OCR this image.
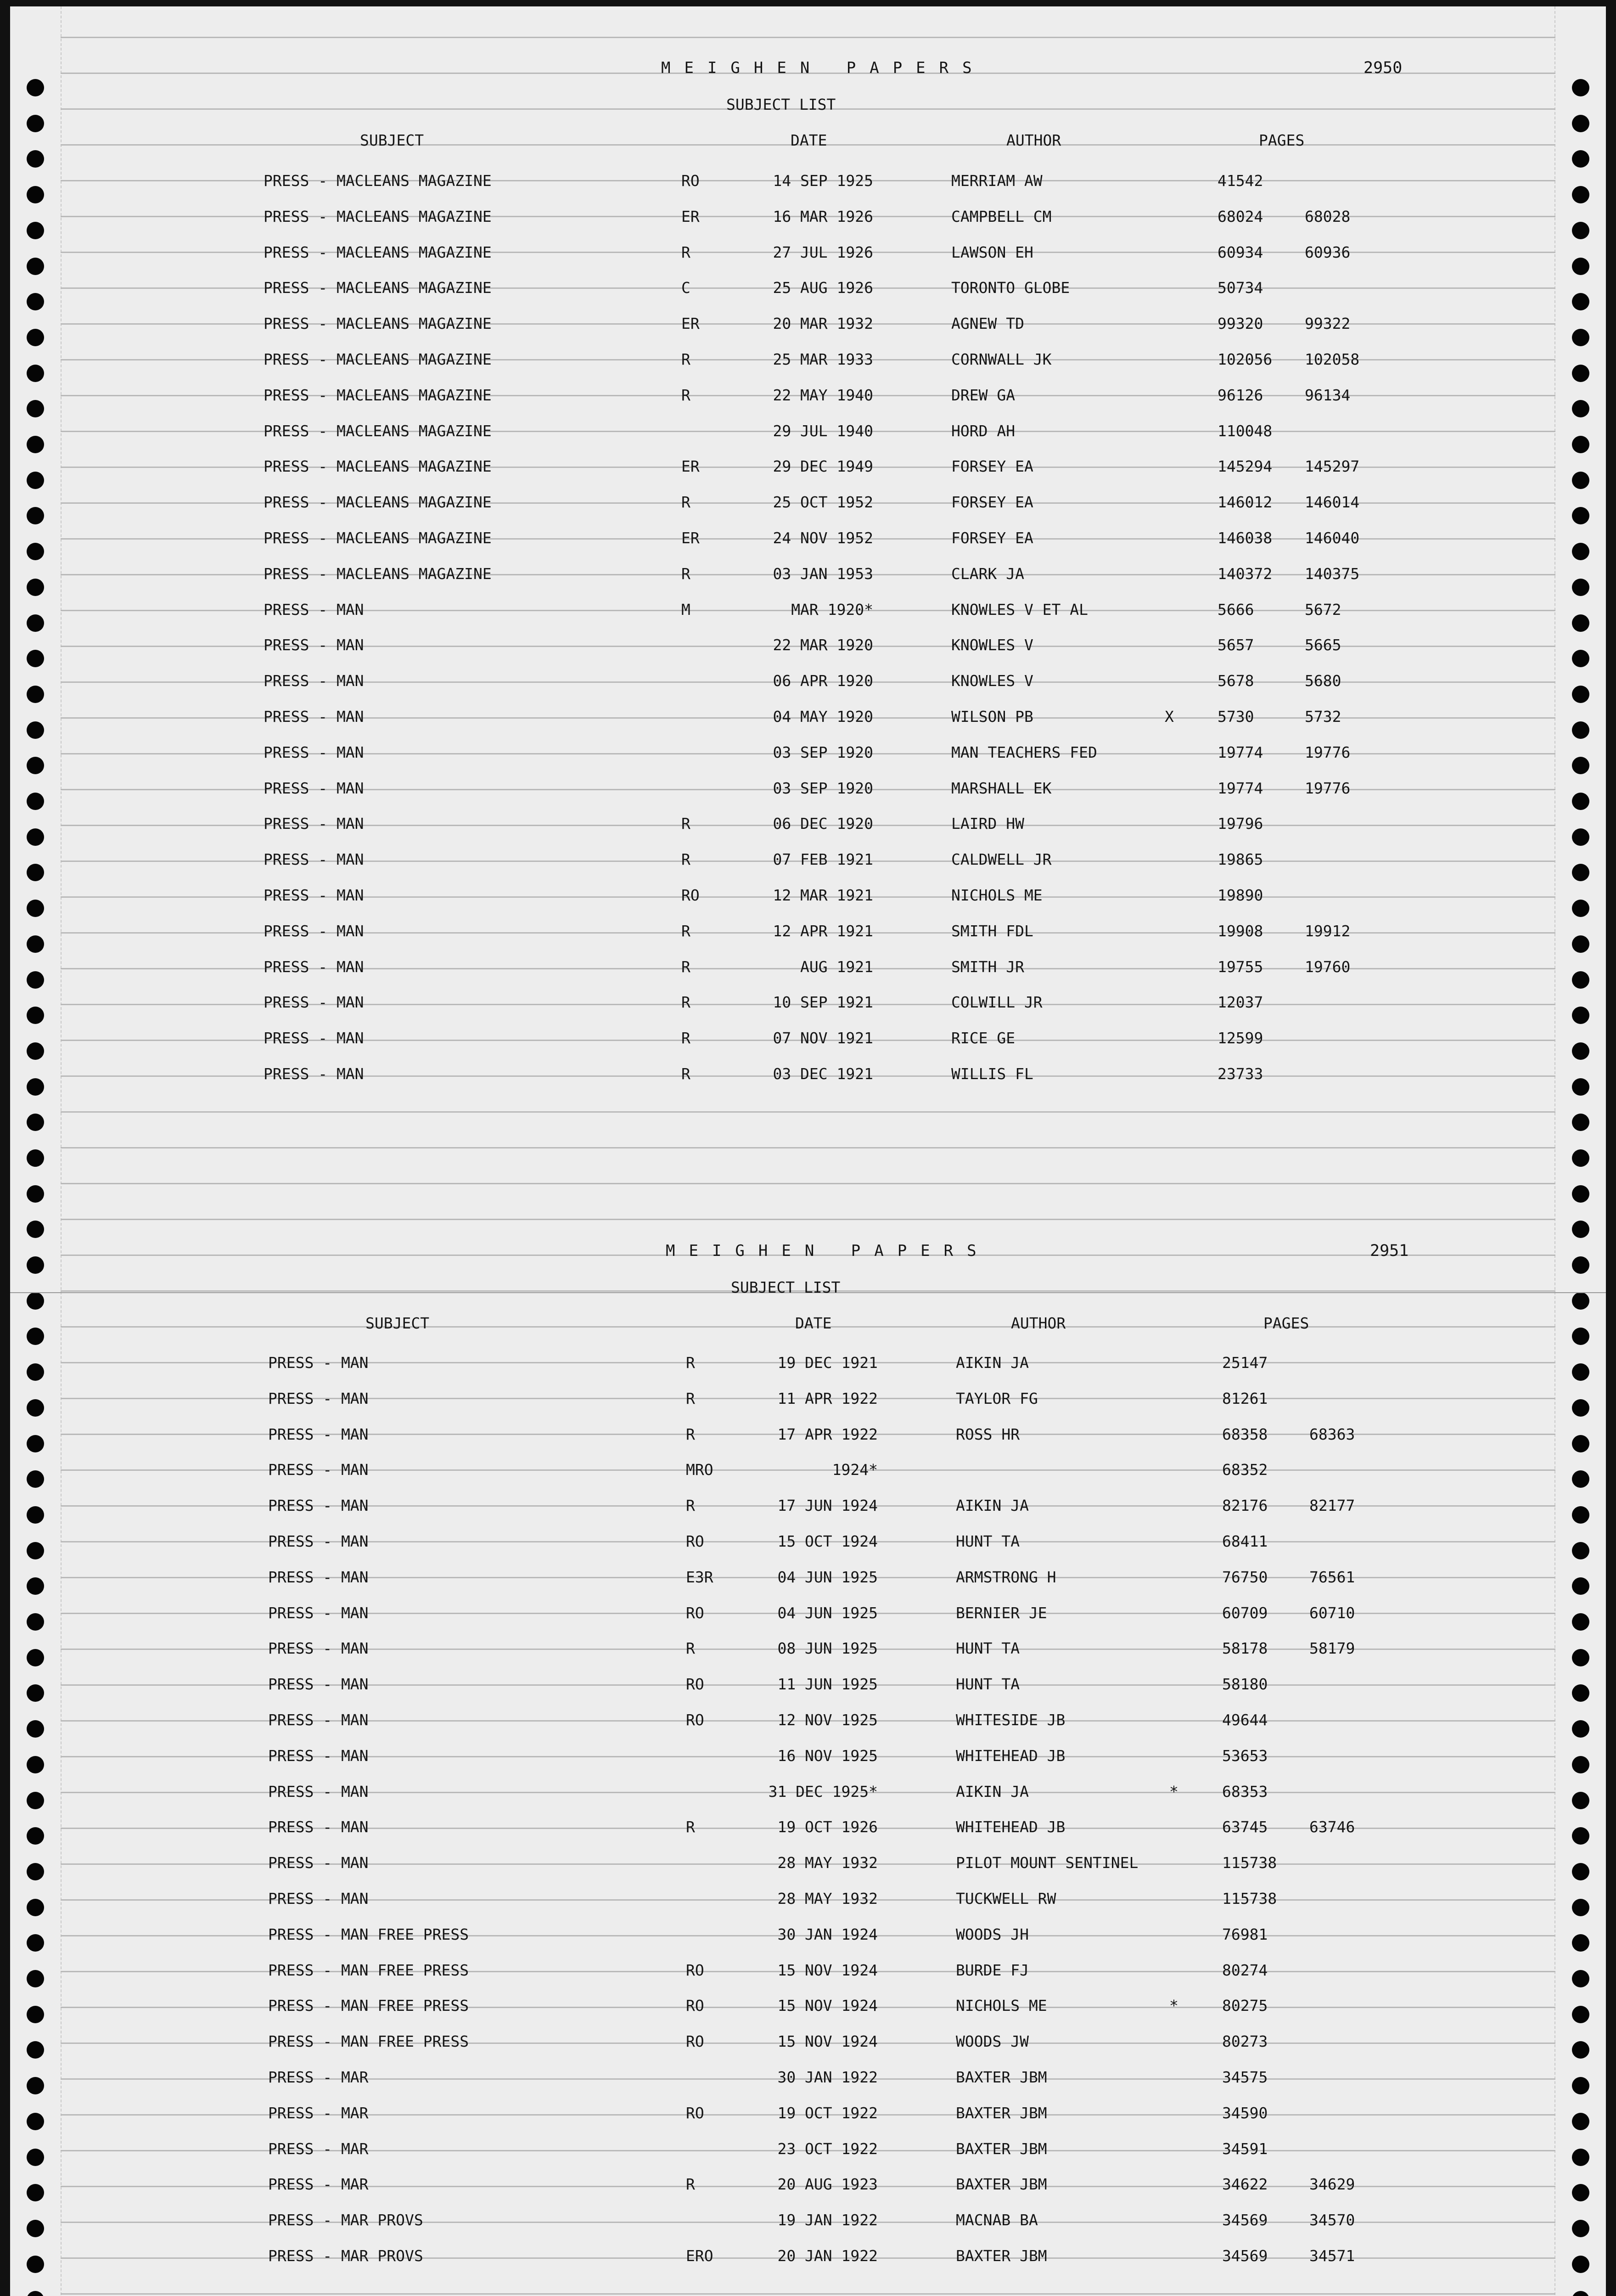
MEIGHEN PAPERS	2950
SUBJECT LIST
SUBJECT	DATE	AUTHOR	PAGES
PRESS - MACLEANS MAGAZINE	RO	14 SEP 1925	MERRIAM AW	41542
PRESS - MACLEANS MAGAZINE	ER	16 MAR 1926	CAMPBELL CM	68024	68028
PRESS - MACLEANS MAGAZINE	R	27 JUL 1926	LAWSON EH	60934	60936
PRESS - MACLEANS MAGAZINE	C	25 AUG 1926	TORONTO GLOBE	50734
PRESS - MACLEANS MAGAZINE	ER	20 MAR 1932	AGNEW TD	99320	99322
PRESS - MACLEANS MAGAZINE	R	25 MAR 1933	CORNWALL JK	102056 102058
PRESS - MACLEANS MAGAZINE	R	22 MAY 1940	DREW GA	96126	96134
PRESS - MACLEANS MAGAZINE	29 JUL 1940	HORD AH	110048
PRESS - MACLEANS MAGAZINE	ER	29 DEC 1949	FORSEY EA	145294 145297
PRESS - MACLEANS MAGAZINE	R	25 OCT 1952	FORSEY EA	146012 146014
PRESS - MACLEANS MAGAZINE	ER	24 NOV 1952	FORSEY EA	146038 146040
PRESS - MACLEANS MAGAZINE	R	03 JAN 1953	CLARK JA	140372 140375
PRESS - MAN	M	MAR 1920*	KNOWLES V ET AL	5666	5672
PRESS - MAN	22 MAR 1920	KNOWLES V	5657	5665
PRESS - MAN	06 APR 1920	KNOWLES V	5678	5680
PRESS - MAN	04 MAY 1920	WILSON PB	X	5730	5732
PRESS - MAN	03 SEP 1920	MAN TEACHERS FED	19774	19776
PRESS - MAN	03 SEP 1920	MARSHALL EK	19774	19776
PRESS - MAN	R	06 DEC 1920	LAIRD HW	19796
PRESS - MAN	R	07 FEB 1921	CALDWELL JR	19865
PRESS - MAN	RO	12 MAR 1921	NICHOLS ME	19890
PRESS - MAN	R	12 APR 1921	SMITH FDL	19908	19912
PRESS - MAN	R	AUG 1921	SMITH JR	19755	19760
PRESS - MAN	R	10 SEP 1921	COLWILL JR	12037
PRESS - MAN	R	07 NOV 1921	RICE GE	12599
PRESS - MAN	R	03 DEC 1921	WILLIS FL	23733
MEIGHEN PAPERS	2951
SUBJECT LIST
SUBJECT	DATE	AUTHOR	PAGES
PRESS - MAN	R	19 DEC 1921	AIKIN JA	25147
PRESS - MAN	R	11 APR 1922	TAYLOR FG	81261
PRESS - MAN	R	17 APR 1922	ROSS HR	68358	68363
PRESS - MAN	MRO	1924*	68352
PRESS - MAN	R	17 JUN 1924	AIKIN JA	82176	82177
PRESS - MAN	RO	15 OCT 1924	HUNT TA	68411
PRESS - MAN	E3R	04 JUN 1925	ARMSTRONG H	76750	76561
PRESS - MAN	RO	04 JUN 1925	BERNIER JE	60709	60710
PRESS - MAN	R	08 JUN 1925	HUNT TA	58178	58179
PRESS - MAN	RO	11 JUN 1925	HUNT TA	58180
PRESS - MAN	RO	12 NOV 1925	WHITESIDE JB	49644
PRESS - MAN	16 NOV 1925	WHITEHEAD JB	53653
PRESS - MAN	31 DEC 1925*	AIKIN JA	*	68353
PRESS - MAN	R	19 OCT 1926	WHITEHEAD JB	63745	63746
PRESS - MAN	28 MAY 1932	PILOT MOUNT SENTINEL	115738
PRESS - MAN	28 MAY 1932	TUCKWELL RW	115738
PRESS - MAN FREE PRESS	30 JAN 1924	WOODS JH	76981
PRESS - MAN FREE PRESS	RO	15 NOV 1924	BURDE FJ	80274
PRESS - MAN FREE PRESS	RO	15 NOV 1924	NICHOLS ME	*	80275
PRESS - MAN FREE PRESS	RO	15 NOV 1924	WOODS JW	80273
PRESS - MAR	30 JAN 1922	BAXTER JBM	34575
PRESS - MAR	RO	19 OCT 1922	BAXTER JBM	34590
PRESS - MAR	23 OCT 1922	BAXTER JBM	34591
PRESS - MAR	R	20 AUG 1923	BAXTER JBM	34622	34629
PRESS - MAR PROVS	19 JAN 1922	MACNAB BA	34569	34570
PRESS - MAR PROVS	ERO	20 JAN 1922	BAXTER JBM	34569	34571
